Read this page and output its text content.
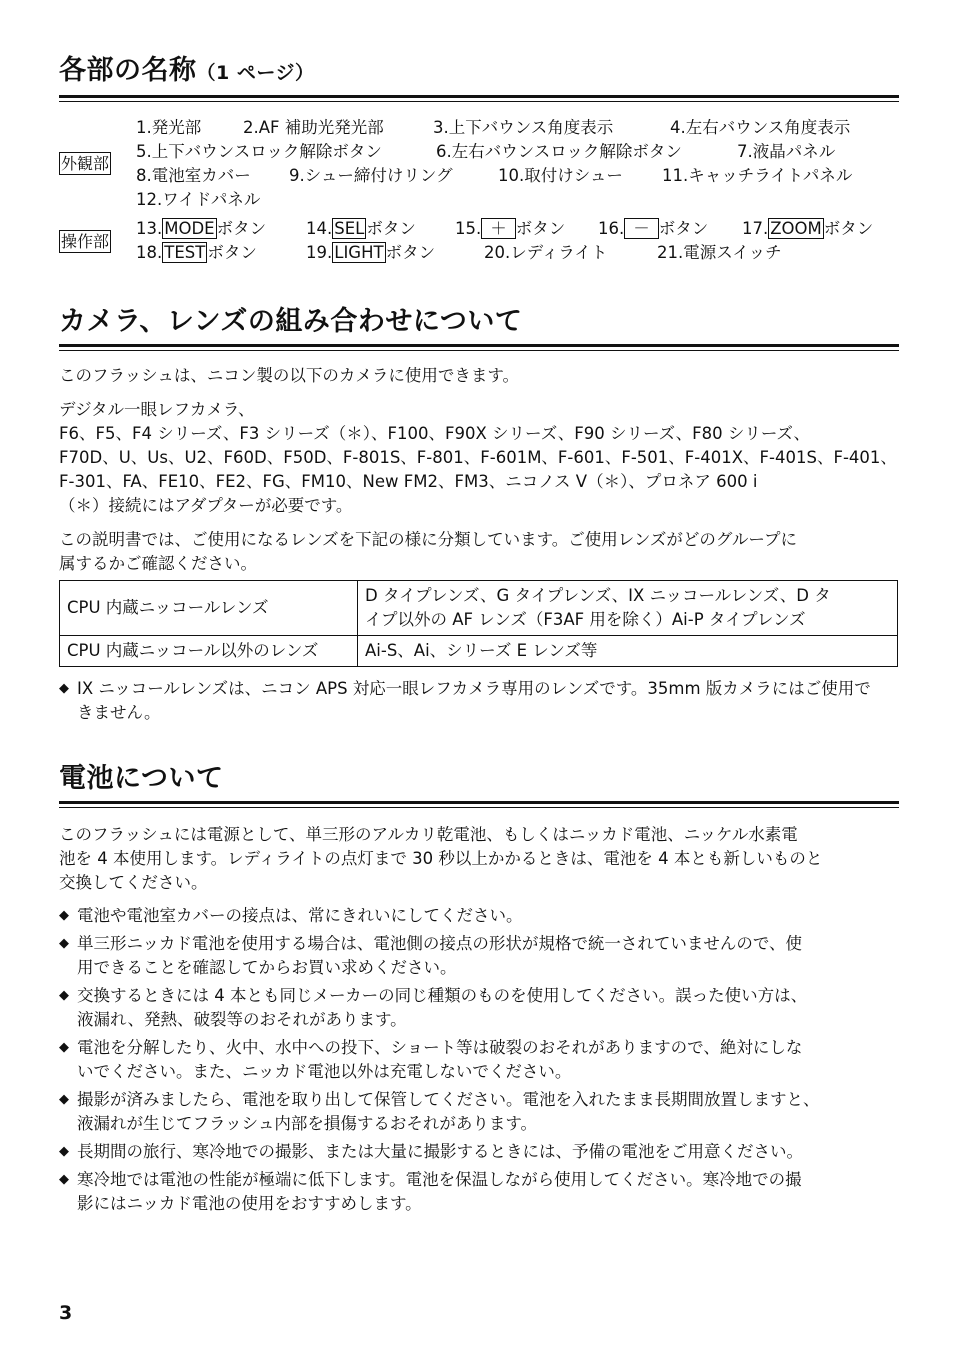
各部の名称（1 ページ）
外観部
1.発光部	2.AF 補助光発光部	3.上下バウンス角度表示	4.左右バウンス角度表示
5.上下バウンスロック解除ボタン	6.左右バウンスロック解除ボタン	7.液晶パネル
8.電池室カバー 9.シュー締付けリング	10.取付けシュー 11.キャッチライトパネル
12.ワイドパネル
操作部
13. MODE ボタン 14. SEL ボタン 15. ＋ ボタン 16. － ボタン 17. ZOOM ボタン
18. TEST ボタン	19. LIGHT ボタン	20.レディライト	21.電源スイッチ
カメラ、レンズの組み合わせについて

このフラッシュは、ニコン製の以下のカメラに使用できます。

デジタル一眼レフカメラ、

F6、F5、F4 シリーズ、F3 シリーズ（＊）、F100、F90X シリーズ、F90 シリーズ、F80 シリーズ、

F70D、U、Us、U2、F60D、F50D、F-801S、F-801、F-601M、F-601、F-501、F-401X、F-401S、F-401、

F-301、FA、FE10、FE2、FG、FM10、New FM2、FM3、ニコノス V（＊）、プロネア 600 i

（＊）接続にはアダプターが必要です。

この説明書では、ご使用になるレンズを下記の様に分類しています。ご使用レンズがどのグループに

属するかご確認ください。

CPU 内蔵ニッコールレンズ	D タイプレンズ、G タイプレンズ、IX ニッコールレンズ、D タ
イプ以外の AF レンズ（F3AF 用を除く）Ai-P タイプレンズ

CPU 内蔵ニッコール以外のレンズ	Ai-S、Ai、シリーズ E レンズ等

◆ IX ニッコールレンズは、ニコン APS 対応一眼レフカメラ専用のレンズです。35mm 版カメラにはご使用で
きません。

電池について

このフラッシュには電源として、単三形のアルカリ乾電池、もしくはニッカド電池、ニッケル水素電

池を 4 本使用します。レディライトの点灯まで 30 秒以上かかるときは、電池を 4 本とも新しいものと

交換してください。

◆ 電池や電池室カバーの接点は、常にきれいにしてください。

◆ 単三形ニッカド電池を使用する場合は、電池側の接点の形状が規格で統一されていませんので、使
用できることを確認してからお買い求めください。

◆ 交換するときには 4 本とも同じメーカーの同じ種類のものを使用してください。誤った使い方は、
液漏れ、発熱、破裂等のおそれがあります。

◆ 電池を分解したり、火中、水中への投下、ショート等は破裂のおそれがありますので、絶対にしな
いでください。また、ニッカド電池以外は充電しないでください。

◆ 撮影が済みましたら、電池を取り出して保管してください。電池を入れたまま長期間放置しますと、
液漏れが生じてフラッシュ内部を損傷するおそれがあります。

◆ 長期間の旅行、寒冷地での撮影、または大量に撮影するときには、予備の電池をご用意ください。

◆ 寒冷地では電池の性能が極端に低下します。電池を保温しながら使用してください。寒冷地での撮
影にはニッカド電池の使用をおすすめします。

3
